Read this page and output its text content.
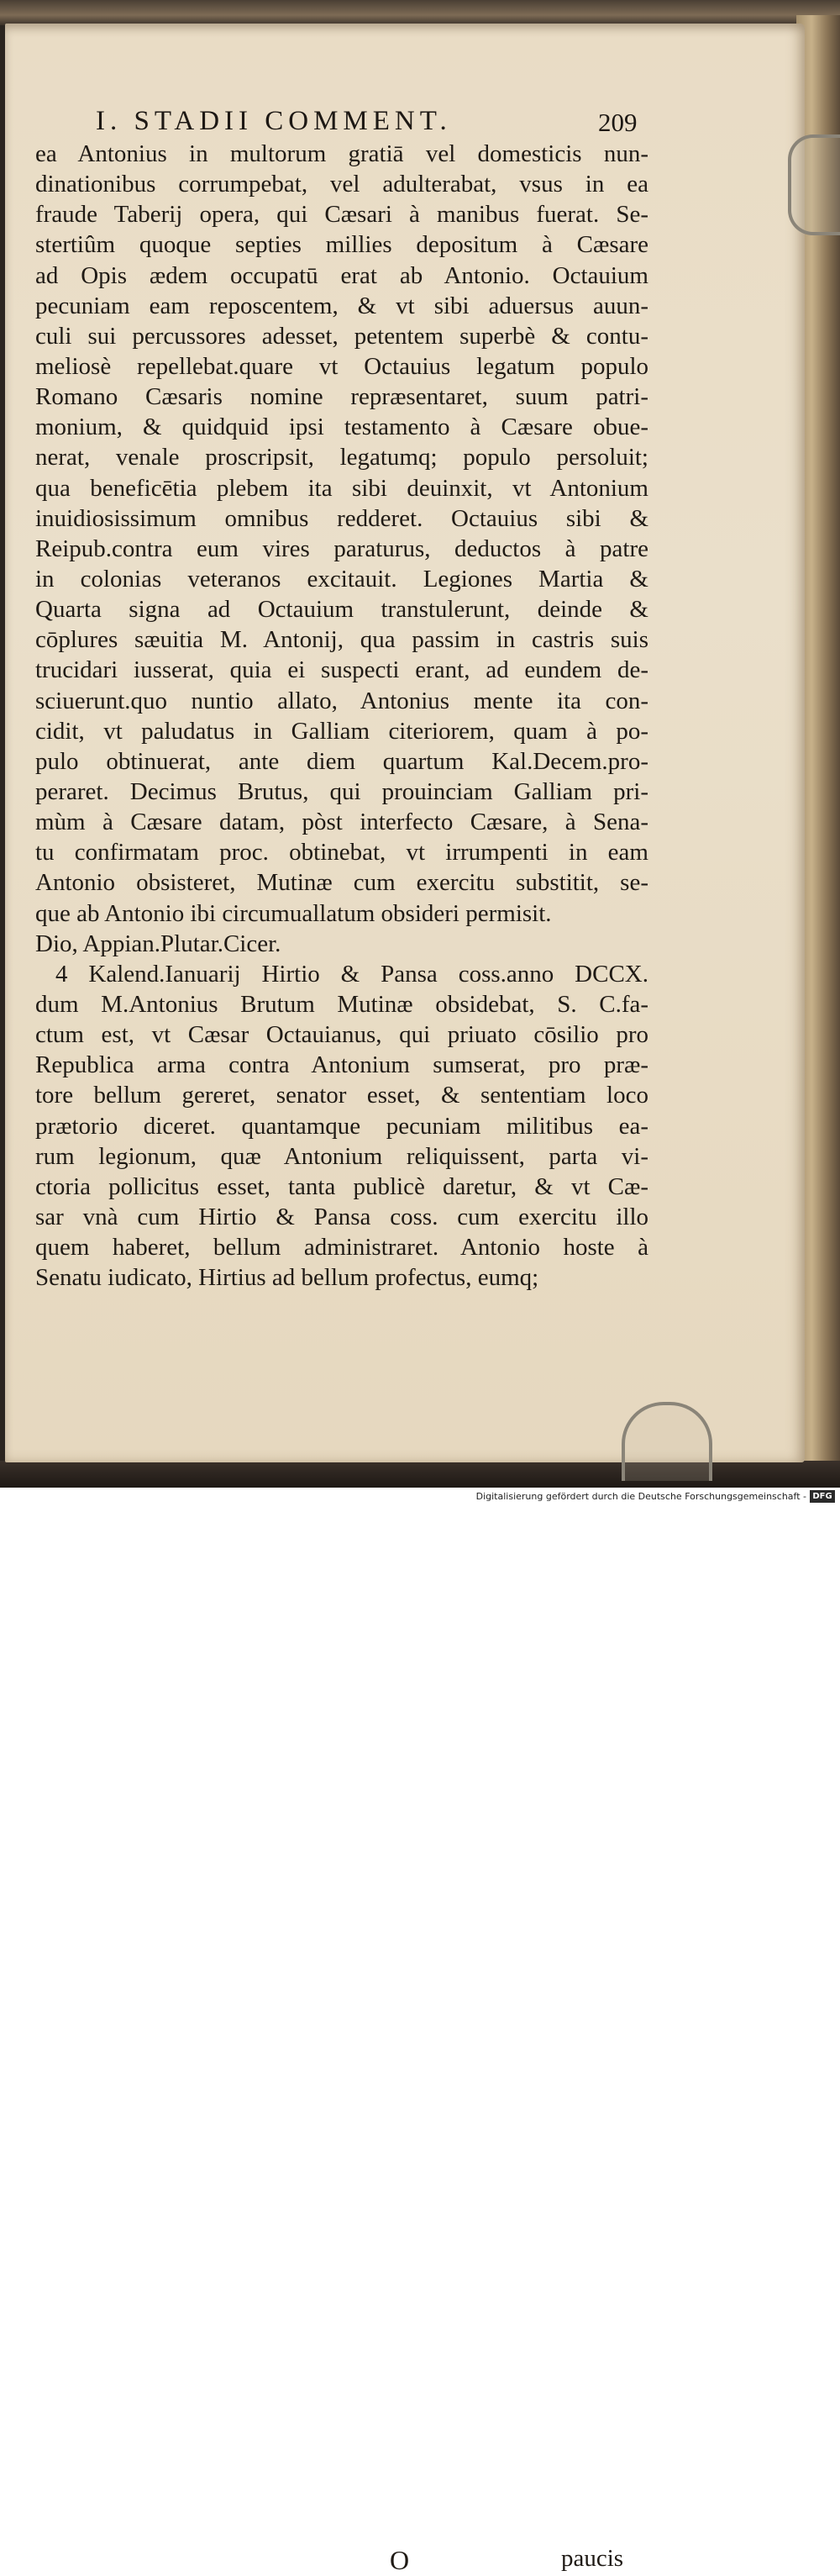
I. STADII COMMENT.	209
ea Antonius in multorum gratiā vel domesticis nun-
dinationibus corrumpebat, vel adulterabat, vsus in ea
fraude Taberij opera, qui Cæsari à manibus fuerat. Se-
stertiûm quoque septies millies depositum à Cæsare
ad Opis ædem occupatū erat ab Antonio. Octauium
pecuniam eam reposcentem, & vt sibi aduersus auun-
culi sui percussores adesset, petentem superbè & contu-
meliosè repellebat.quare vt Octauius legatum populo
Romano Cæsaris nomine repræsentaret, suum patri-
monium, & quidquid ipsi testamento à Cæsare obue-
nerat, venale proscripsit, legatumq; populo persoluit;
qua beneficētia plebem ita sibi deuinxit, vt Antonium
inuidiosissimum omnibus redderet. Octauius sibi &
Reipub.contra eum vires paraturus, deductos à patre
in colonias veteranos excitauit. Legiones Martia &
Quarta signa ad Octauium transtulerunt, deinde &
cōplures sæuitia M. Antonij, qua passim in castris suis
trucidari iusserat, quia ei suspecti erant, ad eundem de-
sciuerunt.quo nuntio allato, Antonius mente ita con-
cidit, vt paludatus in Galliam citeriorem, quam à po-
pulo obtinuerat, ante diem quartum Kal.Decem.pro-
peraret. Decimus Brutus, qui prouinciam Galliam pri-
mùm à Cæsare datam, pòst interfecto Cæsare, à Sena-
tu confirmatam proc. obtinebat, vt irrumpenti in eam
Antonio obsisteret, Mutinæ cum exercitu substitit, se-
que ab Antonio ibi circumuallatum obsideri permisit.
Dio, Appian.Plutar.Cicer.
4 Kalend.Ianuarij Hirtio & Pansa coss.anno DCCX.
dum M.Antonius Brutum Mutinæ obsidebat, S. C.fa-
ctum est, vt Cæsar Octauianus, qui priuato cōsilio pro
Republica arma contra Antonium sumserat, pro præ-
tore bellum gereret, senator esset, & sententiam loco
prætorio diceret. quantamque pecuniam militibus ea-
rum legionum, quæ Antonium reliquissent, parta vi-
ctoria pollicitus esset, tanta publicè daretur, & vt Cæ-
sar vnà cum Hirtio & Pansa coss. cum exercitu illo
quem haberet, bellum administraret. Antonio hoste à
Senatu iudicato, Hirtius ad bellum profectus, eumq;
O	paucis
Digitalisierung gefördert durch die Deutsche Forschungsgemeinschaft - DFG
